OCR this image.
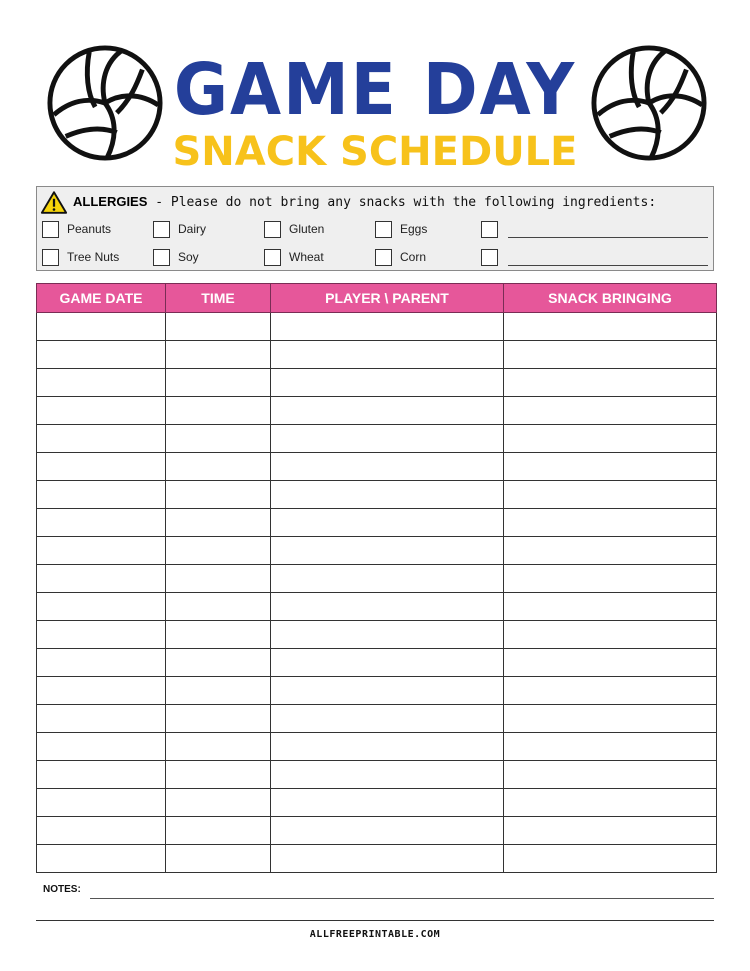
GAME DAY
SNACK SCHEDULE
ALLERGIES - Please do not bring any snacks with the following ingredients:
Peanuts	Dairy	Gluten	Eggs
Tree Nuts	Soy	Wheat	Corn
GAME DATE	TIME	PLAYER \ PARENT	SNACK BRINGING

NOTES:
ALLFREEPRINTABLE.COM
